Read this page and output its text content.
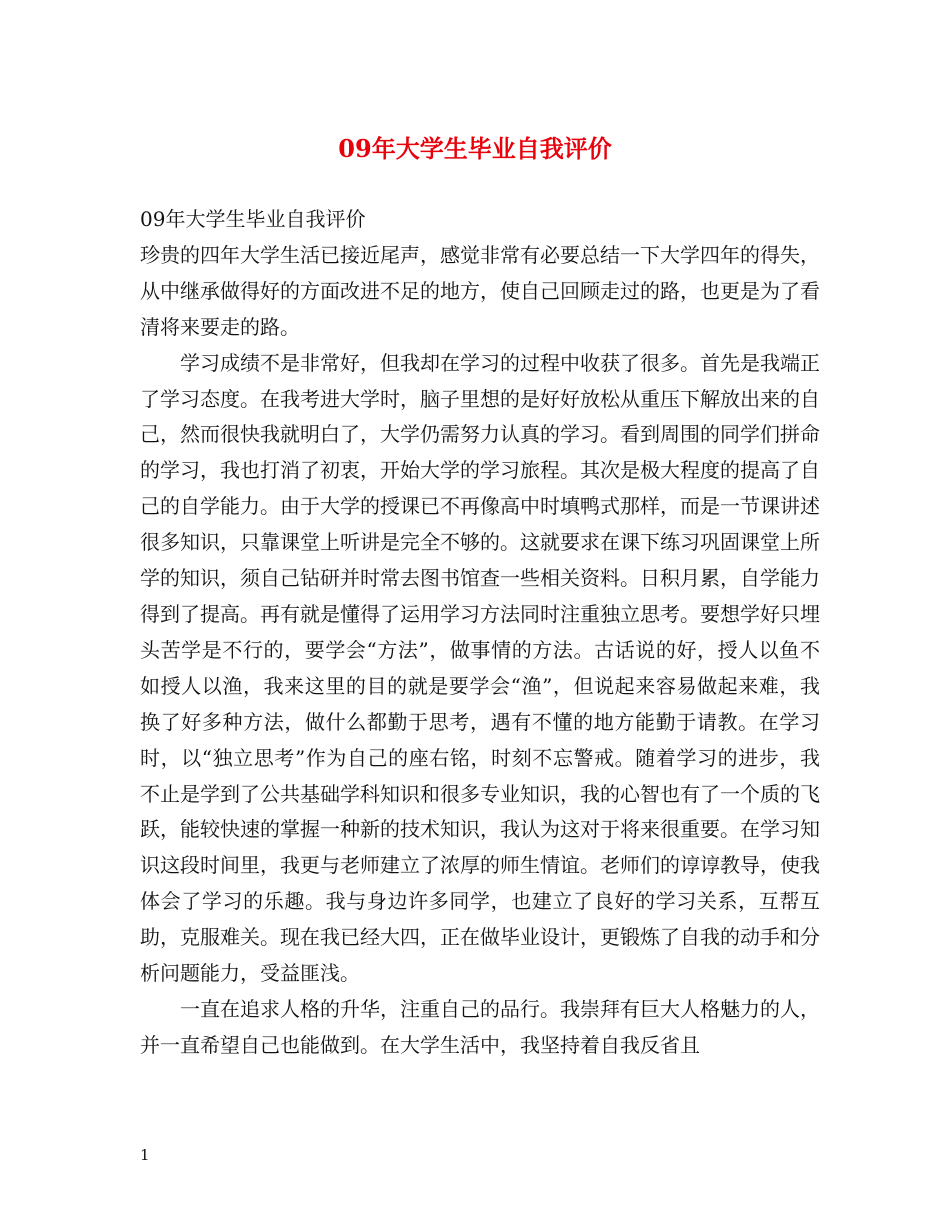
09年大学生毕业自我评价

09年大学生毕业自我评价

珍贵的四年大学生活已接近尾声，感觉非常有必要总结一下大学四年的得失，从中继承做得好的方面改进不足的地方，使自己回顾走过的路，也更是为了看清将来要走的路。

学习成绩不是非常好，但我却在学习的过程中收获了很多。首先是我端正了学习态度。在我考进大学时，脑子里想的是好好放松从重压下解放出来的自己，然而很快我就明白了，大学仍需努力认真的学习。看到周围的同学们拼命的学习，我也打消了初衷，开始大学的学习旅程。其次是极大程度的提高了自己的自学能力。由于大学的授课已不再像高中时填鸭式那样，而是一节课讲述很多知识，只靠课堂上听讲是完全不够的。这就要求在课下练习巩固课堂上所学的知识，须自己钻研并时常去图书馆查一些相关资料。日积月累，自学能力得到了提高。再有就是懂得了运用学习方法同时注重独立思考。要想学好只埋头苦学是不行的，要学会“方法”，做事情的方法。古话说的好，授人以鱼不如授人以渔，我来这里的目的就是要学会“渔”，但说起来容易做起来难，我换了好多种方法，做什么都勤于思考，遇有不懂的地方能勤于请教。在学习时，以“独立思考”作为自己的座右铭，时刻不忘警戒。随着学习的进步，我不止是学到了公共基础学科知识和很多专业知识，我的心智也有了一个质的飞跃，能较快速的掌握一种新的技术知识，我认为这对于将来很重要。在学习知识这段时间里，我更与老师建立了浓厚的师生情谊。老师们的谆谆教导，使我体会了学习的乐趣。我与身边许多同学，也建立了良好的学习关系，互帮互助，克服难关。现在我已经大四，正在做毕业设计，更锻炼了自我的动手和分析问题能力，受益匪浅。

一直在追求人格的升华，注重自己的品行。我崇拜有巨大人格魅力的人，并一直希望自己也能做到。在大学生活中，我坚持着自我反省且

1
